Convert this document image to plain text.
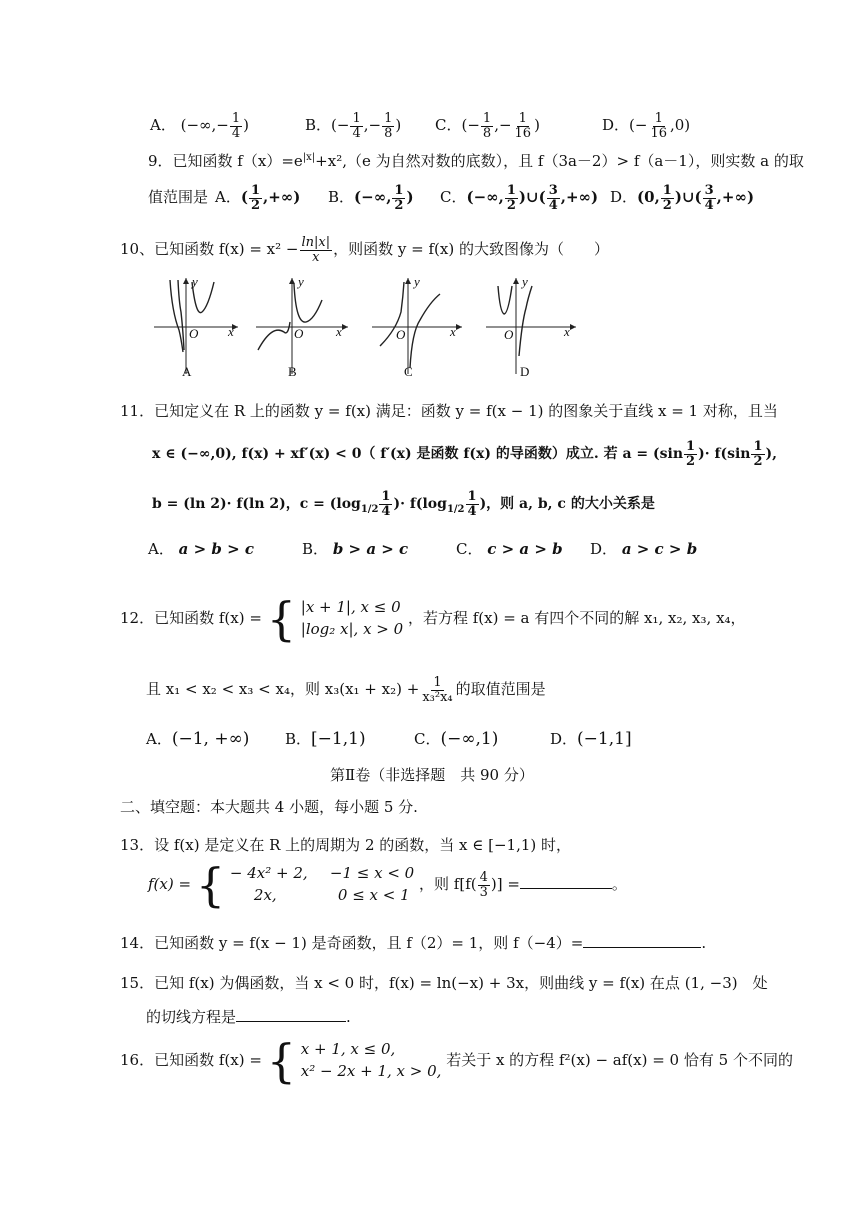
A． (−∞,− $\frac{1}{4}$ )	B．(− $\frac{1}{4}$ ,− $\frac{1}{8}$ ) C．(− $\frac{1}{8}$ ,− $\frac{1}{16}$ )	D．(− $\frac{1}{16} ,0$)
9．已知函数 $f(x)=e^{|x|}+x^2,(e$ 为自然对数的底数），且 f（3a－2）> f（a－1），则实数 a 的取
值范围是 A．( $\frac{1}{2}$ ,+∞) B．(−∞, $\frac{1}{2}$ ) C．(−∞, $\frac{1}{2}$ )∪( $\frac{3}{4}$ ,+∞) D．(0, $\frac{1}{2}$ )∪( $\frac{3}{4}$ ,+∞)
10、已知函数 $f(x) = x^2 - \frac{\ln|x|}{x}$ ，则函数 y = f(x) 的大致图像为（　　）
y
x
O
A
y
x
O
B
y
x
O
C
y
x
O
D
11．已知定义在 R 上的函数 y = f(x) 满足：函数 y = f(x − 1) 的图象关于直线 x = 1 对称，且当
x ∈ (−∞,0), f(x) + xf′(x) < 0（ f′(x) 是函数 f(x) 的导函数）成立. 若 $a = (\sin \frac{1}{2}$ )· $f(\sin \frac{1}{2}$ ),
b = (ln 2)· f(ln 2)，$c = (\log_{1/2} \frac{1}{4}$ )· $f(\log_{1/2} \frac{1}{4}$ )，则 a, b, c 的大小关系是
A． a > b > c	B． b > a > c	C． c > a > b D． a > c > b
12．已知函数 f(x) = { |x + 1|, x ≤ 0
|log₂ x|, x > 0
，若方程 f(x) = a 有四个不同的解 x₁, x₂, x₃, x₄，
且 x₁ < x₂ < x₃ < x₄，则 $x_3(x_1 + x_2) + \frac{1}{\text{x₃²x₄}}$ 的取值范围是
A．(−1, +∞) B．[−1,1)	C．(−∞,1)	D．(−1,1]
第Ⅱ卷（非选择题　共 90 分）
二、填空题：本大题共 4 小题，每小题 5 分.
13．设 f(x) 是定义在 R 上的周期为 2 的函数，当 x ∈ [−1,1) 时，
f(x) = { − 4x² + 2, −1 ≤ x < 0
2x,	0 ≤ x < 1
，则 $f[f( \frac{4}{3}$ )] =	。
14．已知函数 y = f(x − 1) 是奇函数，且 f（2）= 1，则 f（−4）=	.
15．已知 f(x) 为偶函数，当 x < 0 时，f(x) = ln(−x) + 3x，则曲线 y = f(x) 在点 (1, −3)　处
的切线方程是	.
16．已知函数 f(x) = { x + 1, x ≤ 0,
x² − 2x + 1, x > 0,
若关于 x 的方程 f²(x) − af(x) = 0 恰有 5 个不同的
